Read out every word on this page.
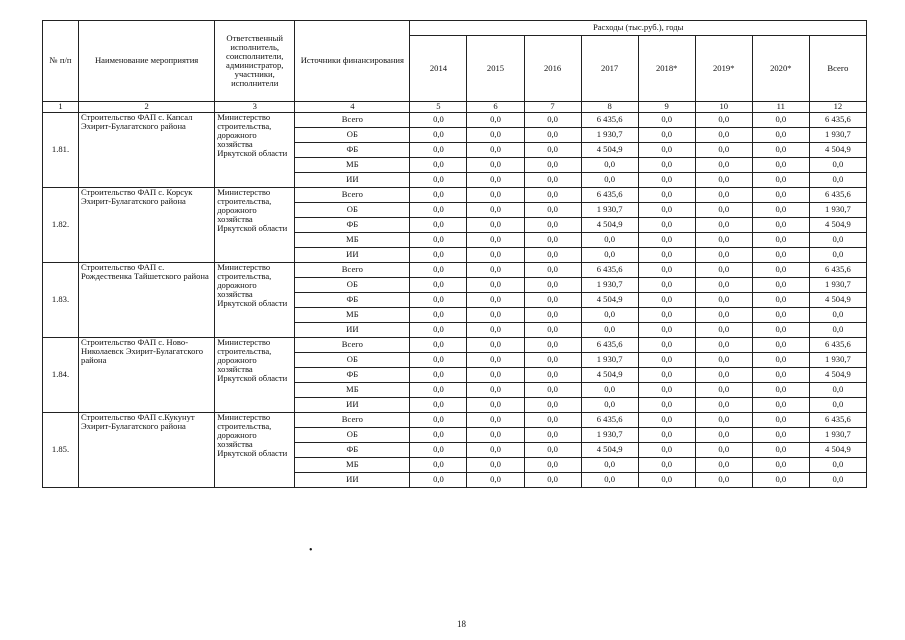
№ п/п	Наименование мероприятия	Ответственный исполнитель, соисполнители, администратор, участники, исполнители	Источники финансирования	Расходы (тыс.руб.), годы							
				2014	2015	2016	2017	2018*	2019*	2020*	Всего
1	2	3	4	5	6	7	8	9	10	11	12
1.81.	Строительство ФАП с. Капсал Эхирит-Булагатского района	Министерство строительства, дорожного хозяйства Иркутской области	Всего	0,0	0,0	0,0	6 435,6	0,0	0,0	0,0	6 435,6
			ОБ	0,0	0,0	0,0	1 930,7	0,0	0,0	0,0	1 930,7
			ФБ	0,0	0,0	0,0	4 504,9	0,0	0,0	0,0	4 504,9
			МБ	0,0	0,0	0,0	0,0	0,0	0,0	0,0	0,0
			ИИ	0,0	0,0	0,0	0,0	0,0	0,0	0,0	0,0
1.82.	Строительство ФАП с. Корсук Эхирит-Булагатского района	Министерство строительства, дорожного хозяйства Иркутской области	Всего	0,0	0,0	0,0	6 435,6	0,0	0,0	0,0	6 435,6
			ОБ	0,0	0,0	0,0	1 930,7	0,0	0,0	0,0	1 930,7
			ФБ	0,0	0,0	0,0	4 504,9	0,0	0,0	0,0	4 504,9
			МБ	0,0	0,0	0,0	0,0	0,0	0,0	0,0	0,0
			ИИ	0,0	0,0	0,0	0,0	0,0	0,0	0,0	0,0
1.83.	Строительство ФАП с. Рождественка Тайшетского района	Министерство строительства, дорожного хозяйства Иркутской области	Всего	0,0	0,0	0,0	6 435,6	0,0	0,0	0,0	6 435,6
			ОБ	0,0	0,0	0,0	1 930,7	0,0	0,0	0,0	1 930,7
			ФБ	0,0	0,0	0,0	4 504,9	0,0	0,0	0,0	4 504,9
			МБ	0,0	0,0	0,0	0,0	0,0	0,0	0,0	0,0
			ИИ	0,0	0,0	0,0	0,0	0,0	0,0	0,0	0,0
1.84.	Строительство ФАП с. Ново-Николаевск Эхирит-Булагатского района	Министерство строительства, дорожного хозяйства Иркутской области	Всего	0,0	0,0	0,0	6 435,6	0,0	0,0	0,0	6 435,6
			ОБ	0,0	0,0	0,0	1 930,7	0,0	0,0	0,0	1 930,7
			ФБ	0,0	0,0	0,0	4 504,9	0,0	0,0	0,0	4 504,9
			МБ	0,0	0,0	0,0	0,0	0,0	0,0	0,0	0,0
			ИИ	0,0	0,0	0,0	0,0	0,0	0,0	0,0	0,0
1.85.	Строительство ФАП с.Кукунут Эхирит-Булагатского района	Министерство строительства, дорожного хозяйства Иркутской области	Всего	0,0	0,0	0,0	6 435,6	0,0	0,0	0,0	6 435,6
			ОБ	0,0	0,0	0,0	1 930,7	0,0	0,0	0,0	1 930,7
			ФБ	0,0	0,0	0,0	4 504,9	0,0	0,0	0,0	4 504,9
			МБ	0,0	0,0	0,0	0,0	0,0	0,0	0,0	0,0
			ИИ	0,0	0,0	0,0	0,0	0,0	0,0	0,0	0,0
•
18
